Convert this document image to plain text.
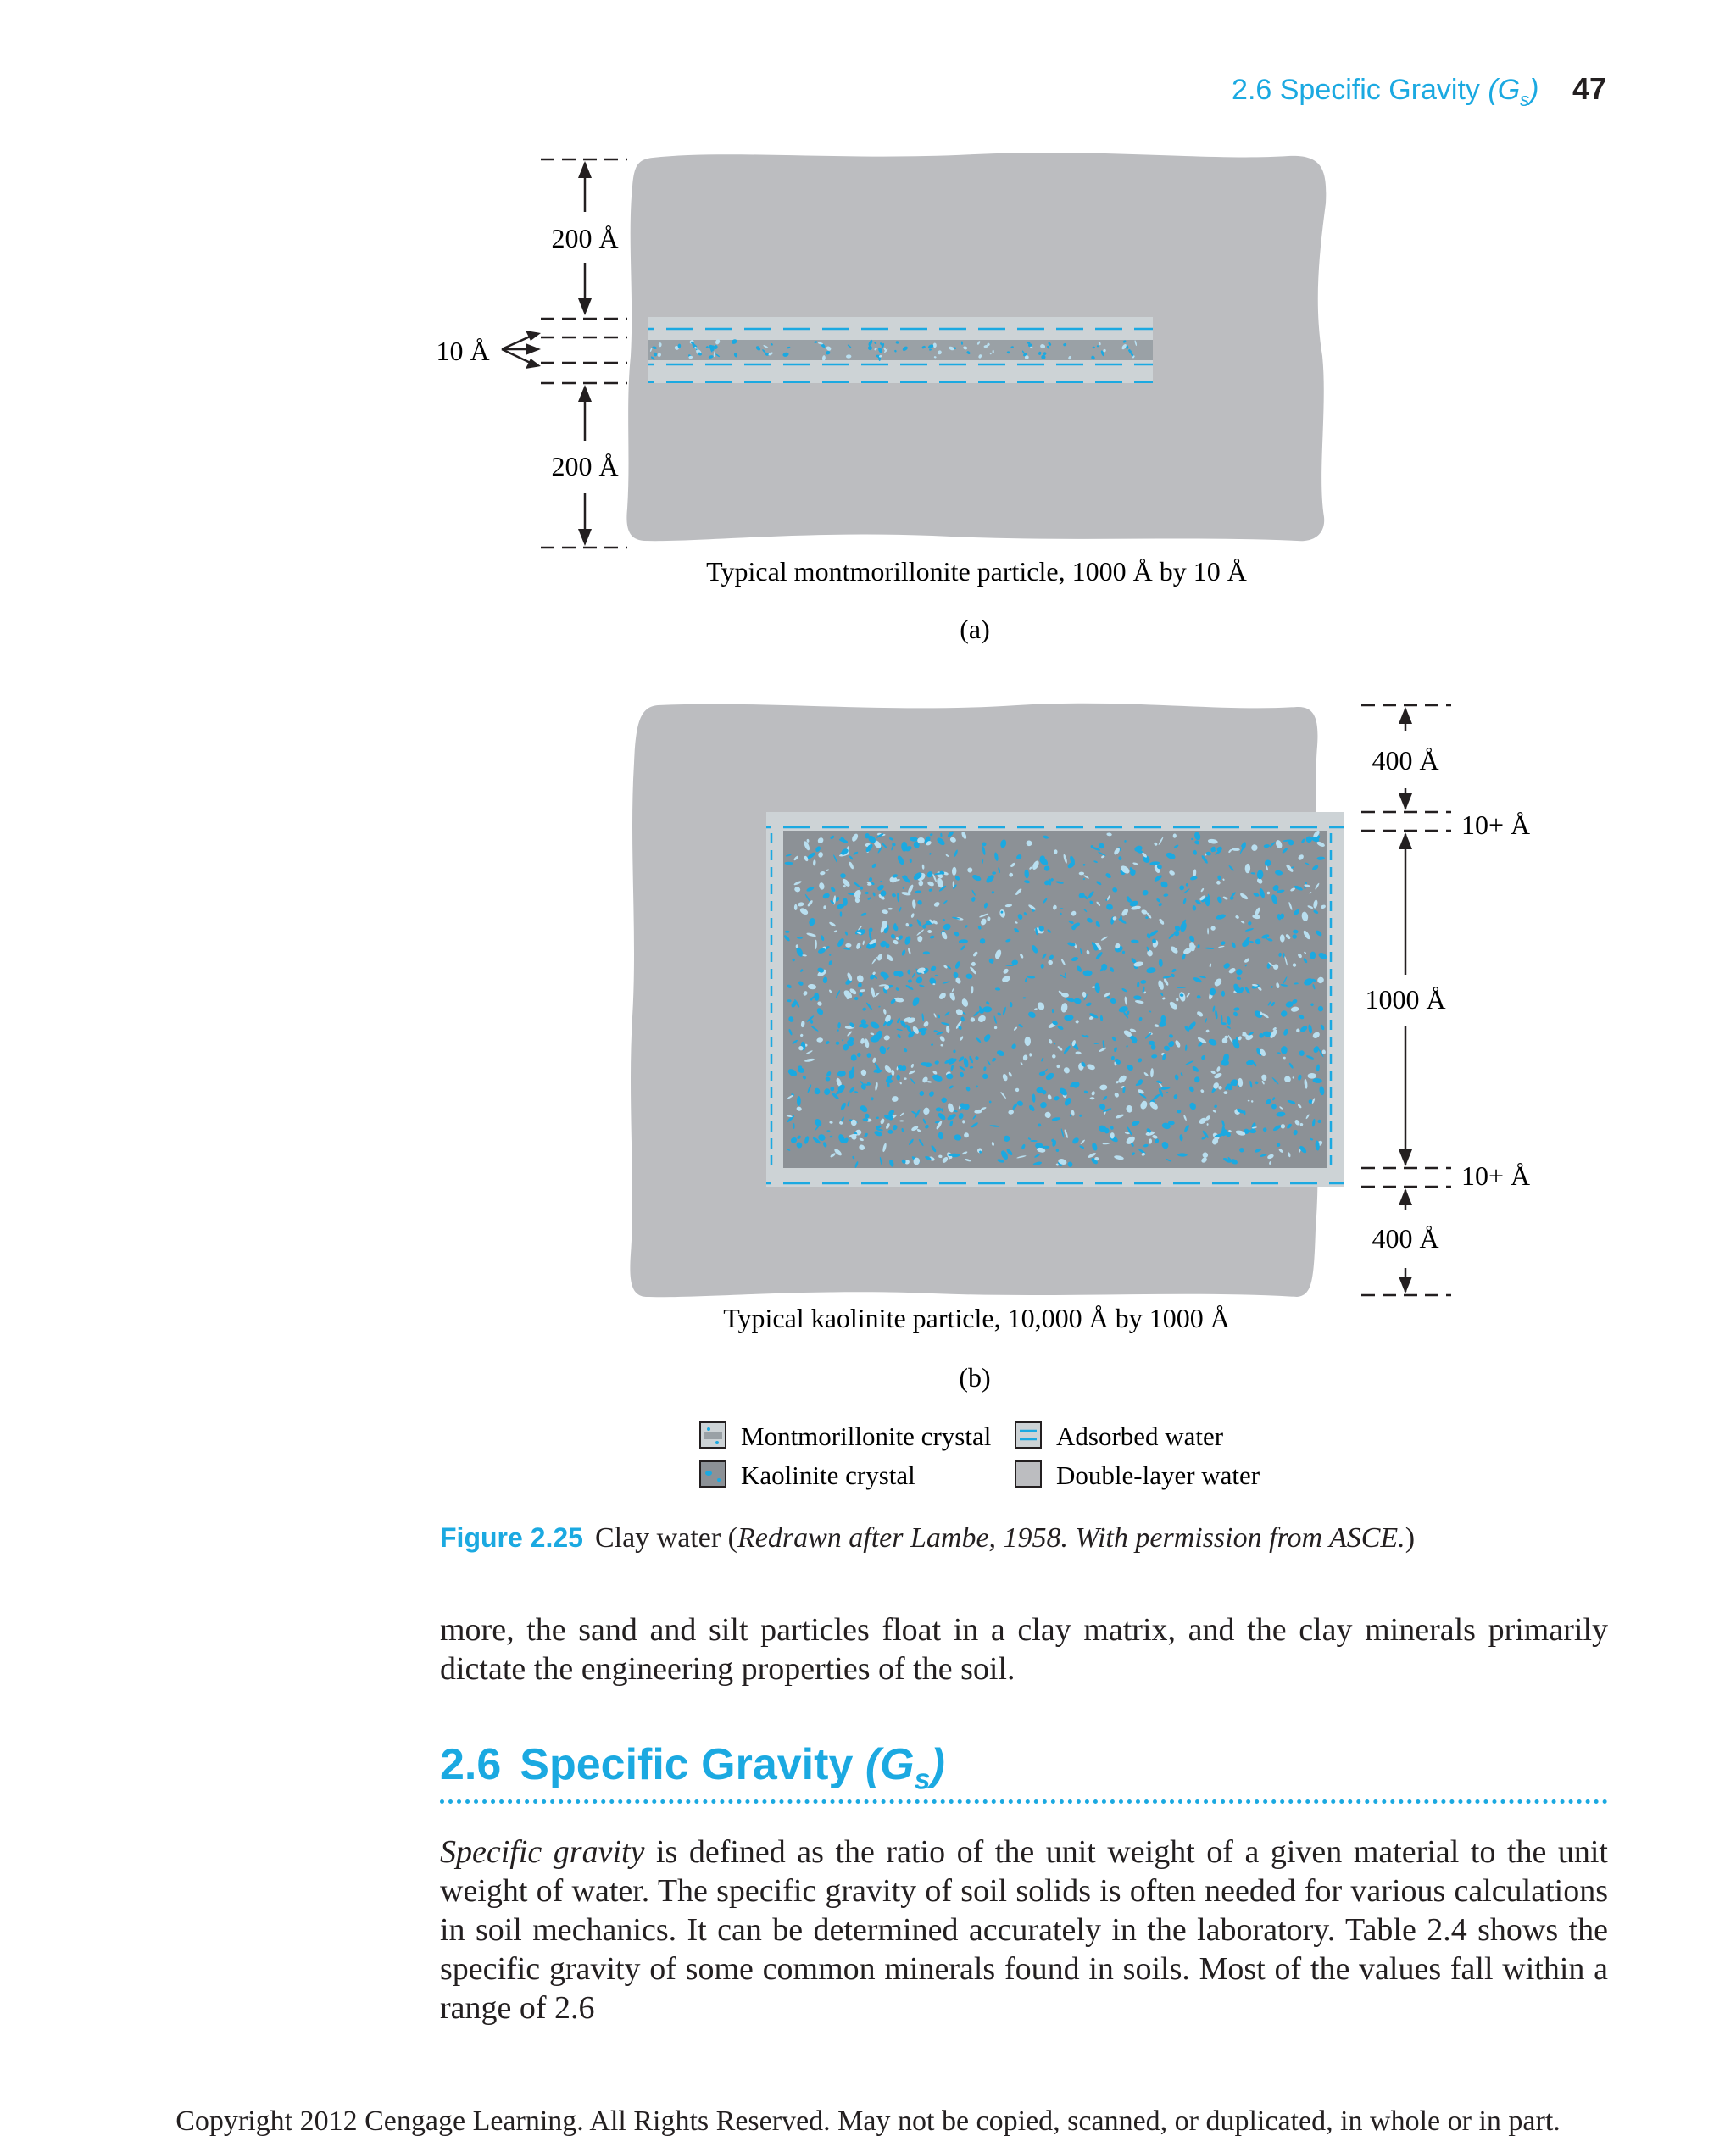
2.6 Specific Gravity $(G_s)$ 47
200 Å
10 Å
200 Å
Typical montmorillonite particle, 1000 Å by 10 Å
(a)
400 Å
10+ Å
1000 Å
10+ Å
400 Å
Typical kaolinite particle, 10,000 Å by 1000 Å
(b)
Montmorillonite crystal Adsorbed water
Kaolinite crystal	Double-layer water
Figure 2.25 Clay water (Redrawn after Lambe, 1958. With permission from ASCE.)

more, the sand and silt particles float in a clay matrix, and the clay minerals primarily dictate the engineering properties of the soil.

2.6 Specific Gravity $(G_s)$

Specific gravity is defined as the ratio of the unit weight of a given material to the unit weight of water. The specific gravity of soil solids is often needed for various calculations in soil mechanics. It can be determined accurately in the laboratory. Table 2.4 shows the specific gravity of some common minerals found in soils. Most of the values fall within a range of 2.6

Copyright 2012 Cengage Learning. All Rights Reserved. May not be copied, scanned, or duplicated, in whole or in part.
